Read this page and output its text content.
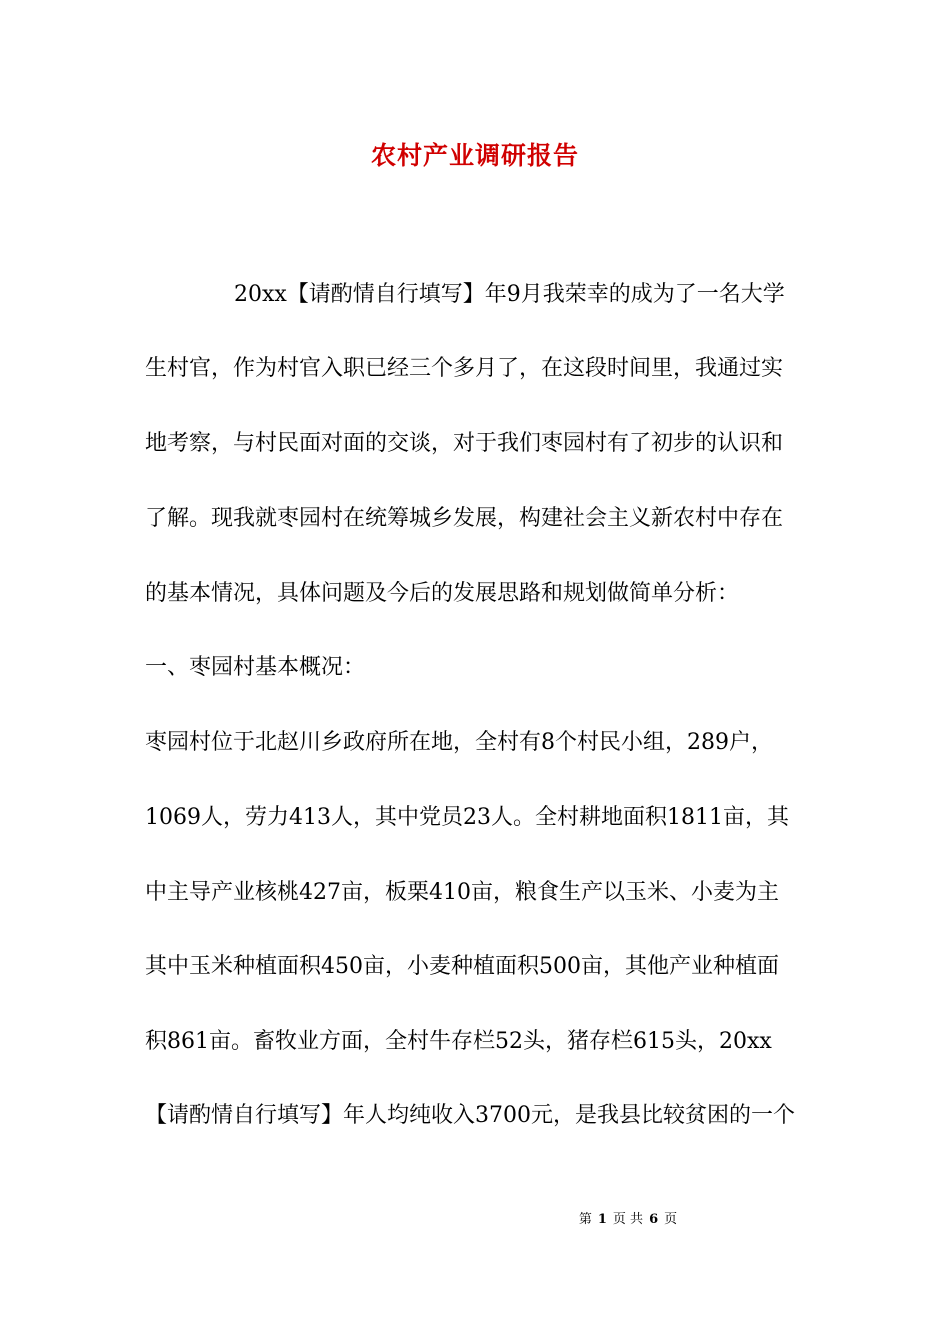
农村产业调研报告
20xx【请酌情自行填写】年9月我荣幸的成为了一名大学
生村官，作为村官入职已经三个多月了，在这段时间里，我通过实
地考察，与村民面对面的交谈，对于我们枣园村有了初步的认识和
了解。现我就枣园村在统筹城乡发展，构建社会主义新农村中存在
的基本情况，具体问题及今后的发展思路和规划做简单分析：
一、枣园村基本概况：
枣园村位于北赵川乡政府所在地，全村有8个村民小组，289户，
1069人，劳力413人，其中党员23人。全村耕地面积1811亩，其
中主导产业核桃427亩，板栗410亩，粮食生产以玉米、小麦为主
其中玉米种植面积450亩，小麦种植面积500亩，其他产业种植面
积861亩。畜牧业方面，全村牛存栏52头，猪存栏615头，20xx
【请酌情自行填写】年人均纯收入3700元，是我县比较贫困的一个
第 1 页 共 6 页
